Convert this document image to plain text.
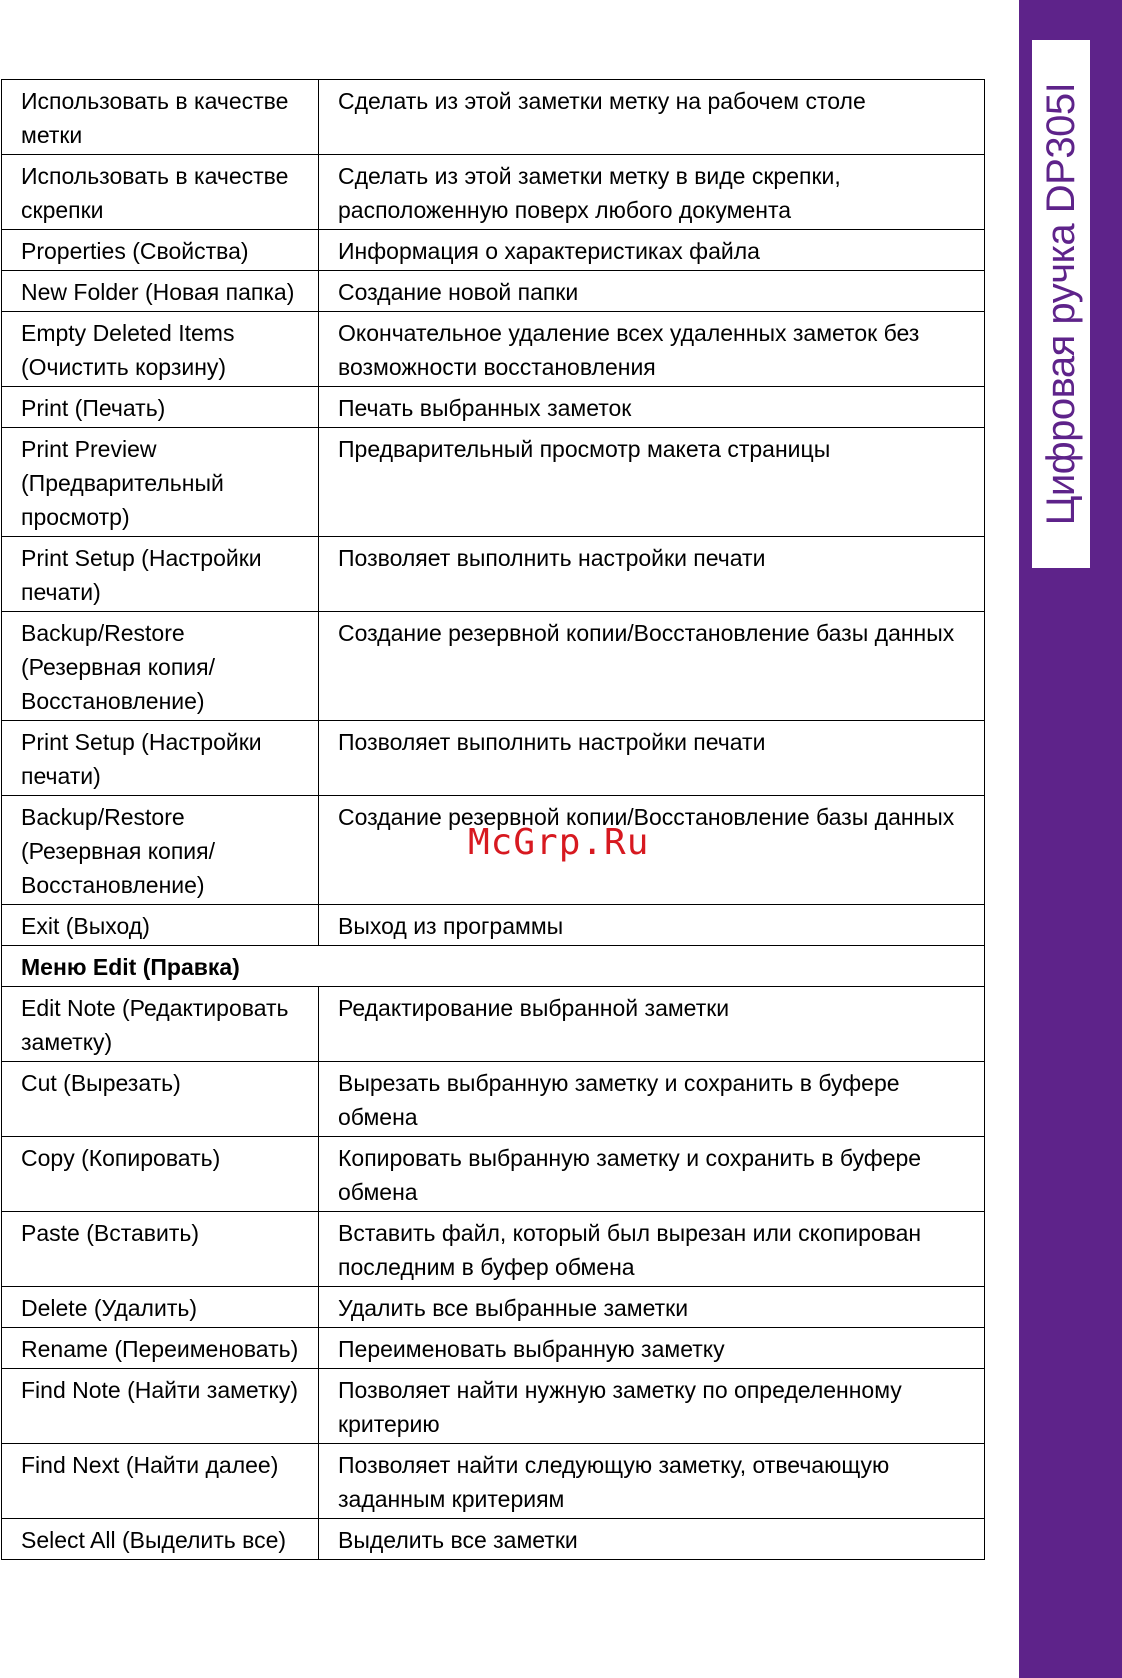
Цифровая ручка DP305I
Использовать в качестве метки	Сделать из этой заметки метку на рабочем столе
Использовать в качестве скрепки	Сделать из этой заметки метку в виде скрепки, расположенную поверх любого документа
Properties (Свойства)	Информация о характеристиках файла
New Folder (Новая папка)	Создание новой папки
Empty Deleted Items (Очистить корзину)	Окончательное удаление всех удаленных заметок без возможности восстановления
Print (Печать)	Печать выбранных заметок
Print Preview (Предварительный просмотр)	Предварительный просмотр макета страницы
Print Setup (Настройки печати)	Позволяет выполнить настройки печати
Backup/Restore (Резервная копия/Восстановление)	Создание резервной копии/Восстановление базы данных
Print Setup (Настройки печати)	Позволяет выполнить настройки печати
Backup/Restore (Резервная копия/Восстановление)	Создание резервной копии/Восстановление базы данных
Exit (Выход)	Выход из программы
Меню Edit (Правка)	
Edit Note (Редактировать заметку)	Редактирование выбранной заметки
Cut (Вырезать)	Вырезать выбранную заметку и сохранить в буфере обмена
Copy (Копировать)	Копировать выбранную заметку и сохранить в буфере обмена
Paste (Вставить)	Вставить файл, который был вырезан или скопирован последним в буфер обмена
Delete (Удалить)	Удалить все выбранные заметки
Rename (Переименовать)	Переименовать выбранную заметку
Find Note (Найти заметку)	Позволяет найти нужную заметку по определенному критерию
Find Next (Найти далее)	Позволяет найти следующую заметку, отвечающую заданным критериям
Select All (Выделить все)	Выделить все заметки
McGrp.Ru
